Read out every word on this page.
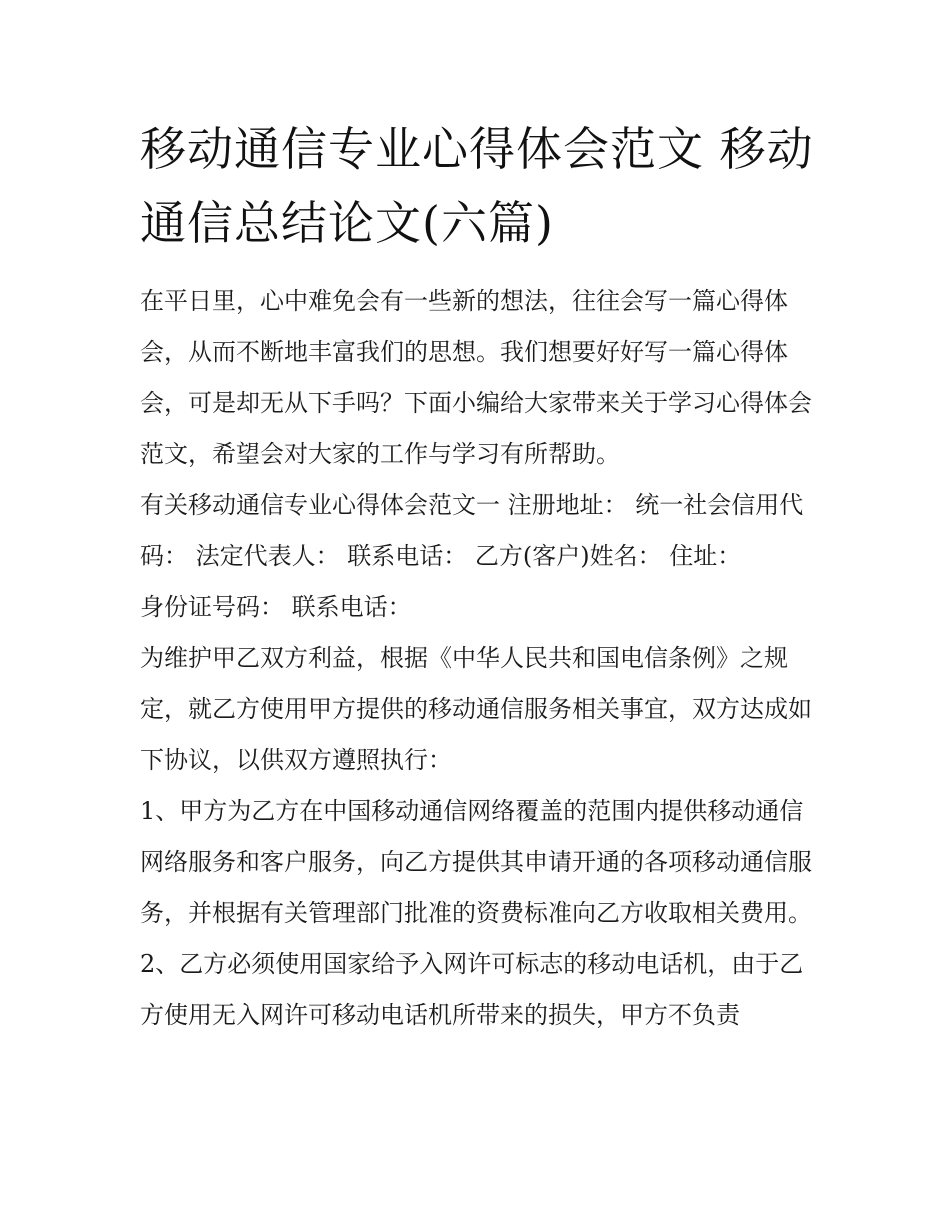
移动通信专业心得体会范文 移动通信总结论文(六篇)

在平日里，心中难免会有一些新的想法，往往会写一篇心得体会，从而不断地丰富我们的思想。我们想要好好写一篇心得体会，可是却无从下手吗？下面小编给大家带来关于学习心得体会范文，希望会对大家的工作与学习有所帮助。

有关移动通信专业心得体会范文一 注册地址： 统一社会信用代码： 法定代表人： 联系电话： 乙方(客户)姓名： 住址：

身份证号码： 联系电话：

为维护甲乙双方利益，根据《中华人民共和国电信条例》之规定，就乙方使用甲方提供的移动通信服务相关事宜，双方达成如下协议，以供双方遵照执行：

1、甲方为乙方在中国移动通信网络覆盖的范围内提供移动通信网络服务和客户服务，向乙方提供其申请开通的各项移动通信服务，并根据有关管理部门批准的资费标准向乙方收取相关费用。

2、乙方必须使用国家给予入网许可标志的移动电话机，由于乙方使用无入网许可移动电话机所带来的损失，甲方不负责
